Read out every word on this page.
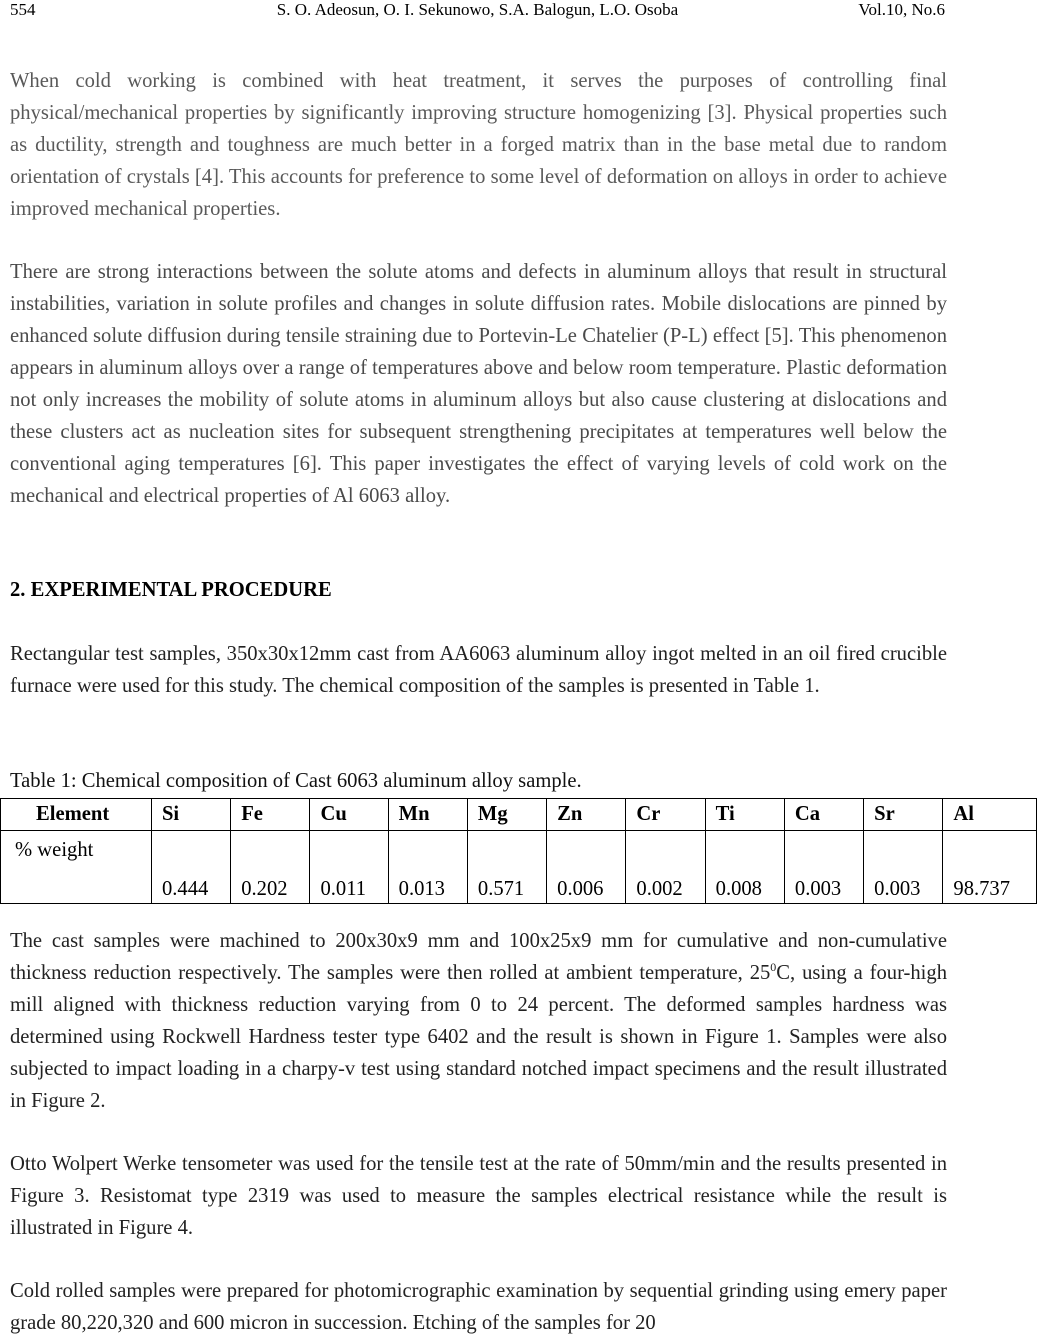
554	S. O. Adeosun, O. I. Sekunowo, S.A. Balogun, L.O. Osoba	Vol.10, No.6

When cold working is combined with heat treatment, it serves the purposes of controlling final physical/mechanical properties by significantly improving structure homogenizing [3]. Physical properties such as ductility, strength and toughness are much better in a forged matrix than in the base metal due to random orientation of crystals [4]. This accounts for preference to some level of deformation on alloys in order to achieve improved mechanical properties.

There are strong interactions between the solute atoms and defects in aluminum alloys that result in structural instabilities, variation in solute profiles and changes in solute diffusion rates. Mobile dislocations are pinned by enhanced solute diffusion during tensile straining due to Portevin-Le Chatelier (P-L) effect [5]. This phenomenon appears in aluminum alloys over a range of temperatures above and below room temperature. Plastic deformation not only increases the mobility of solute atoms in aluminum alloys but also cause clustering at dislocations and these clusters act as nucleation sites for subsequent strengthening precipitates at temperatures well below the conventional aging temperatures [6]. This paper investigates the effect of varying levels of cold work on the mechanical and electrical properties of Al 6063 alloy.

2. EXPERIMENTAL PROCEDURE

Rectangular test samples, 350x30x12mm cast from AA6063 aluminum alloy ingot melted in an oil fired crucible furnace were used for this study. The chemical composition of the samples is presented in Table 1.

Table 1: Chemical composition of Cast 6063 aluminum alloy sample.

Element	Si	Fe	Cu	Mn	Mg	Zn	Cr	Ti	Ca	Sr	Al
% weight	0.444	0.202	0.011	0.013	0.571	0.006	0.002	0.008	0.003	0.003	98.737

The cast samples were machined to 200x30x9 mm and 100x25x9 mm for cumulative and non-cumulative thickness reduction respectively. The samples were then rolled at ambient temperature, $25^0C$, using a four-high mill aligned with thickness reduction varying from 0 to 24 percent. The deformed samples hardness was determined using Rockwell Hardness tester type 6402 and the result is shown in Figure 1. Samples were also subjected to impact loading in a charpy-v test using standard notched impact specimens and the result illustrated in Figure 2.

Otto Wolpert Werke tensometer was used for the tensile test at the rate of 50mm/min and the results presented in Figure 3. Resistomat type 2319 was used to measure the samples electrical resistance while the result is illustrated in Figure 4.

Cold rolled samples were prepared for photomicrographic examination by sequential grinding using emery paper grade 80,220,320 and 600 micron in succession. Etching of the samples for 20
